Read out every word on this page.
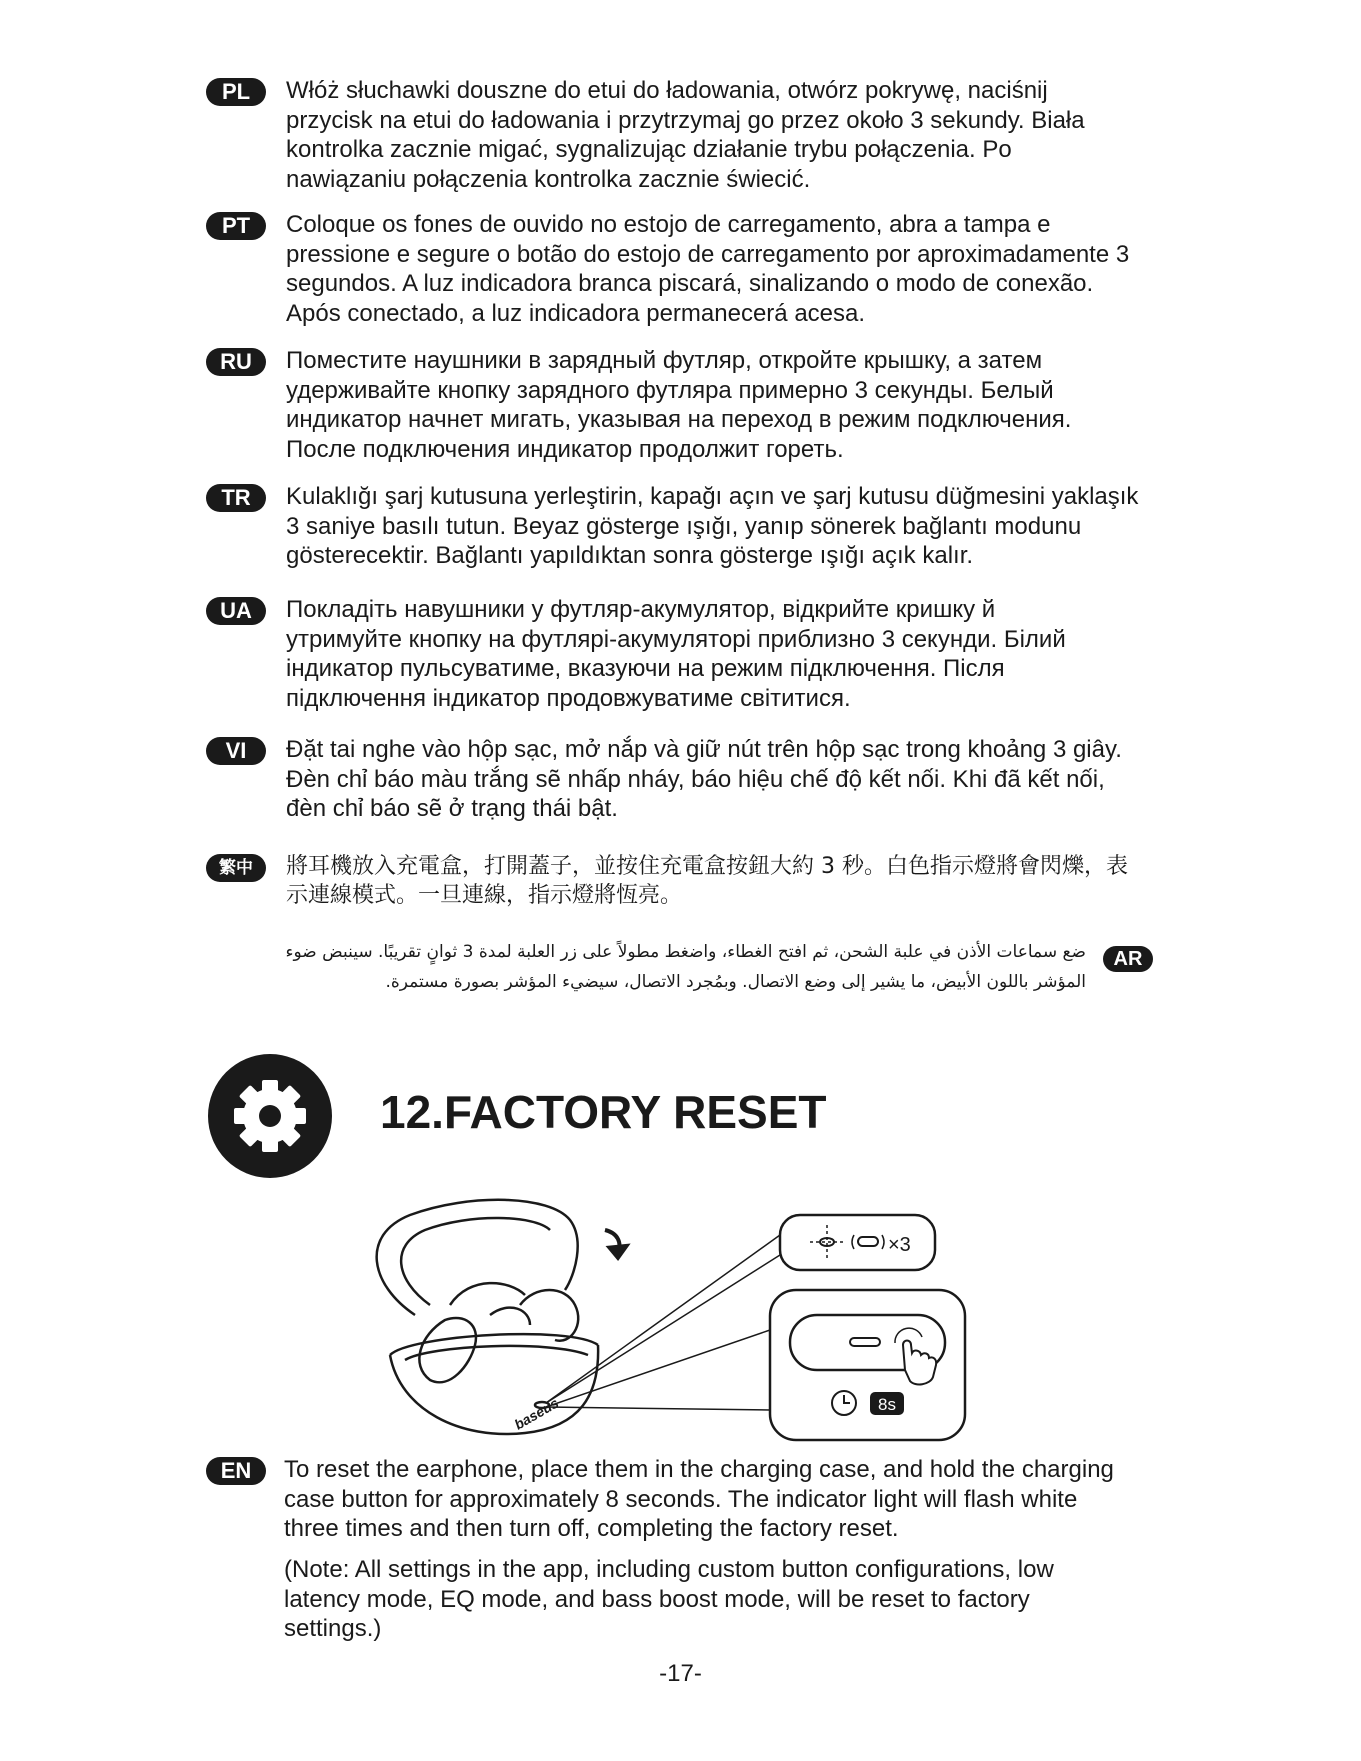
PL	Włóż słuchawki douszne do etui do ładowania, otwórz pokrywę, naciśnij
przycisk na etui do ładowania i przytrzymaj go przez około 3 sekundy. Biała
kontrolka zacznie migać, sygnalizując działanie trybu połączenia. Po
nawiązaniu połączenia kontrolka zacznie świecić.
PT	Coloque os fones de ouvido no estojo de carregamento, abra a tampa e
pressione e segure o botão do estojo de carregamento por aproximadamente 3
segundos. A luz indicadora branca piscará, sinalizando o modo de conexão.
Após conectado, a luz indicadora permanecerá acesa.
RU	Поместите наушники в зарядный футляр, откройте крышку, а затем
удерживайте кнопку зарядного футляра примерно 3 секунды. Белый
индикатор начнет мигать, указывая на переход в режим подключения.
После подключения индикатор продолжит гореть.
TR	Kulaklığı şarj kutusuna yerleştirin, kapağı açın ve şarj kutusu düğmesini yaklaşık
3 saniye basılı tutun. Beyaz gösterge ışığı, yanıp sönerek bağlantı modunu
gösterecektir. Bağlantı yapıldıktan sonra gösterge ışığı açık kalır.
UA	Покладіть навушники у футляр-акумулятор, відкрийте кришку й
утримуйте кнопку на футлярі-акумуляторі приблизно 3 секунди. Білий
індикатор пульсуватиме, вказуючи на режим підключення. Після
підключення індикатор продовжуватиме світитися.
VI	Đặt tai nghe vào hộp sạc, mở nắp và giữ nút trên hộp sạc trong khoảng 3 giây.
Đèn chỉ báo màu trắng sẽ nhấp nháy, báo hiệu chế độ kết nối. Khi đã kết nối,
đèn chỉ báo sẽ ở trạng thái bật.
繁中	將耳機放入充電盒，打開蓋子，並按住充電盒按鈕大約 3 秒。白色指示燈將會閃爍，表
示連線模式。一旦連線，指示燈將恆亮。
ضع سماعات الأذن في علبة الشحن، ثم افتح الغطاء، واضغط مطولاً على زر العلبة لمدة 3 ثوانٍ تقريبًا. سينبض ضوء
المؤشر باللون الأبيض، ما يشير إلى وضع الاتصال. وبمُجرد الاتصال، سيضيء المؤشر بصورة مستمرة.
AR
12.FACTORY RESET
baseus
×3
8s
EN	To reset the earphone, place them in the charging case, and hold the charging
case button for approximately 8 seconds. The indicator light will flash white
three times and then turn off, completing the factory reset.
(Note: All settings in the app, including custom button configurations, low
latency mode, EQ mode, and bass boost mode, will be reset to factory
settings.)
-17-
